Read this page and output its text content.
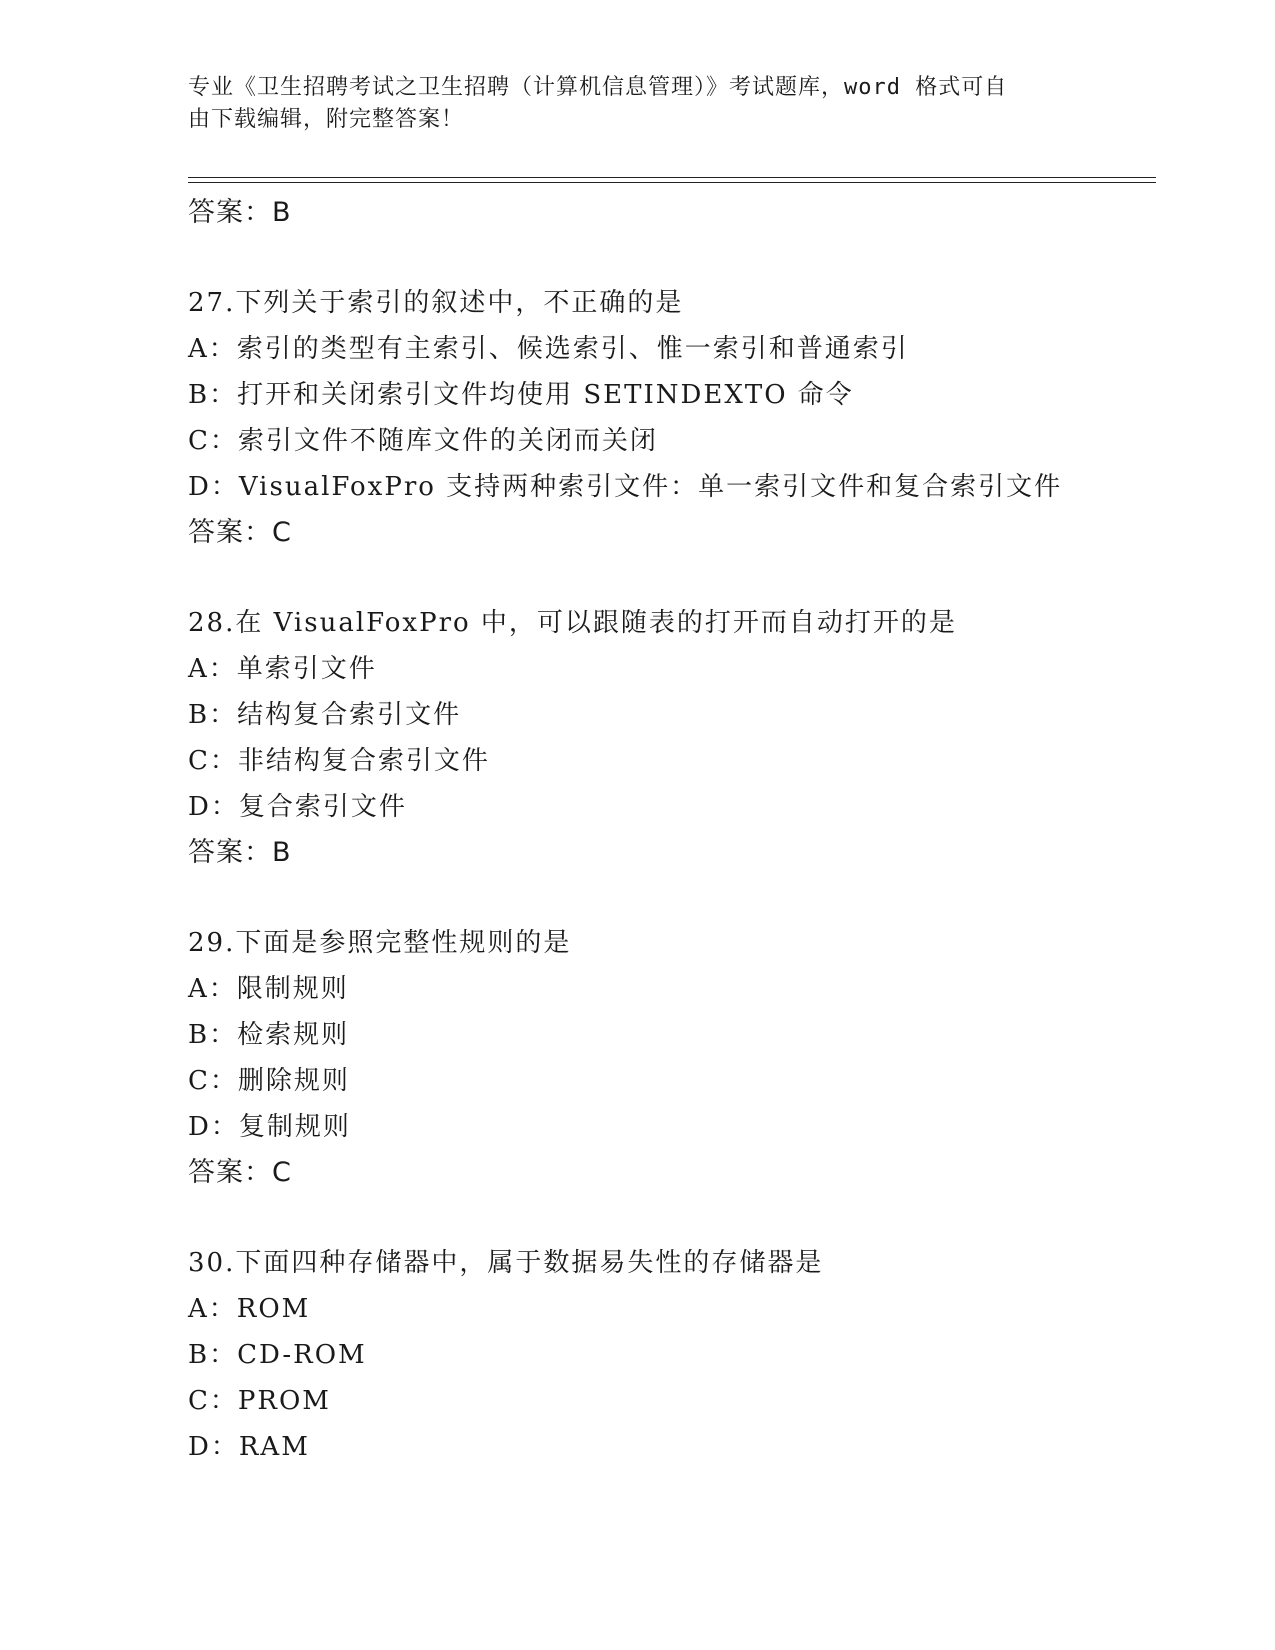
专业《卫生招聘考试之卫生招聘（计算机信息管理）》考试题库，word 格式可自
由下载编辑，附完整答案！
答案：B
27.下列关于索引的叙述中，不正确的是
A：索引的类型有主索引、候选索引、惟一索引和普通索引
B：打开和关闭索引文件均使用 SETINDEXTO 命令
C：索引文件不随库文件的关闭而关闭
D：VisualFoxPro 支持两种索引文件：单一索引文件和复合索引文件
答案：C
28.在 VisualFoxPro 中，可以跟随表的打开而自动打开的是
A：单索引文件
B：结构复合索引文件
C：非结构复合索引文件
D：复合索引文件
答案：B
29.下面是参照完整性规则的是
A：限制规则
B：检索规则
C：删除规则
D：复制规则
答案：C
30.下面四种存储器中，属于数据易失性的存储器是
A：ROM
B：CD-ROM
C：PROM
D：RAM
